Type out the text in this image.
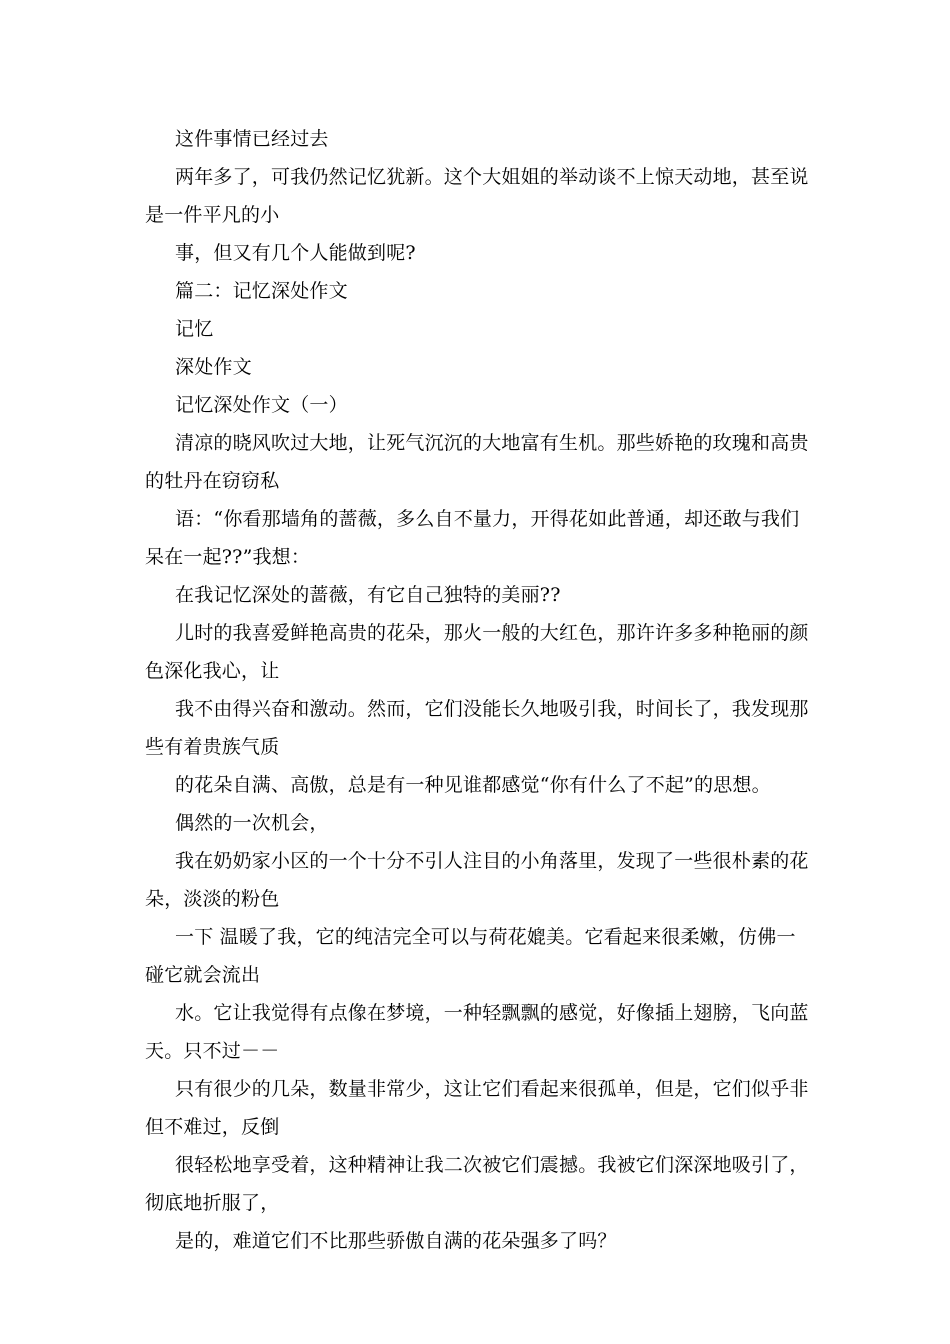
这件事情已经过去
两年多了，可我仍然记忆犹新。这个大姐姐的举动谈不上惊天动地，甚至说
是一件平凡的小
事，但又有几个人能做到呢?
篇二：记忆深处作文
记忆
深处作文
记忆深处作文（一）
清凉的晓风吹过大地，让死气沉沉的大地富有生机。那些娇艳的玫瑰和高贵
的牡丹在窃窃私
语：“你看那墙角的蔷薇，多么自不量力，开得花如此普通，却还敢与我们
呆在一起??”我想：
在我记忆深处的蔷薇，有它自己独特的美丽??
儿时的我喜爱鲜艳高贵的花朵，那火一般的大红色，那许许多多种艳丽的颜
色深化我心，让
我不由得兴奋和激动。然而，它们没能长久地吸引我，时间长了，我发现那
些有着贵族气质
的花朵自满、高傲，总是有一种见谁都感觉“你有什么了不起”的思想。
偶然的一次机会，
我在奶奶家小区的一个十分不引人注目的小角落里，发现了一些很朴素的花
朵，淡淡的粉色
一下 温暖了我，它的纯洁完全可以与荷花媲美。它看起来很柔嫩，仿佛一
碰它就会流出
水。它让我觉得有点像在梦境，一种轻飘飘的感觉，好像插上翅膀，飞向蓝
天。只不过－－
只有很少的几朵，数量非常少，这让它们看起来很孤单，但是，它们似乎非
但不难过，反倒
很轻松地享受着，这种精神让我二次被它们震撼。我被它们深深地吸引了，
彻底地折服了，
是的，难道它们不比那些骄傲自满的花朵强多了吗？
